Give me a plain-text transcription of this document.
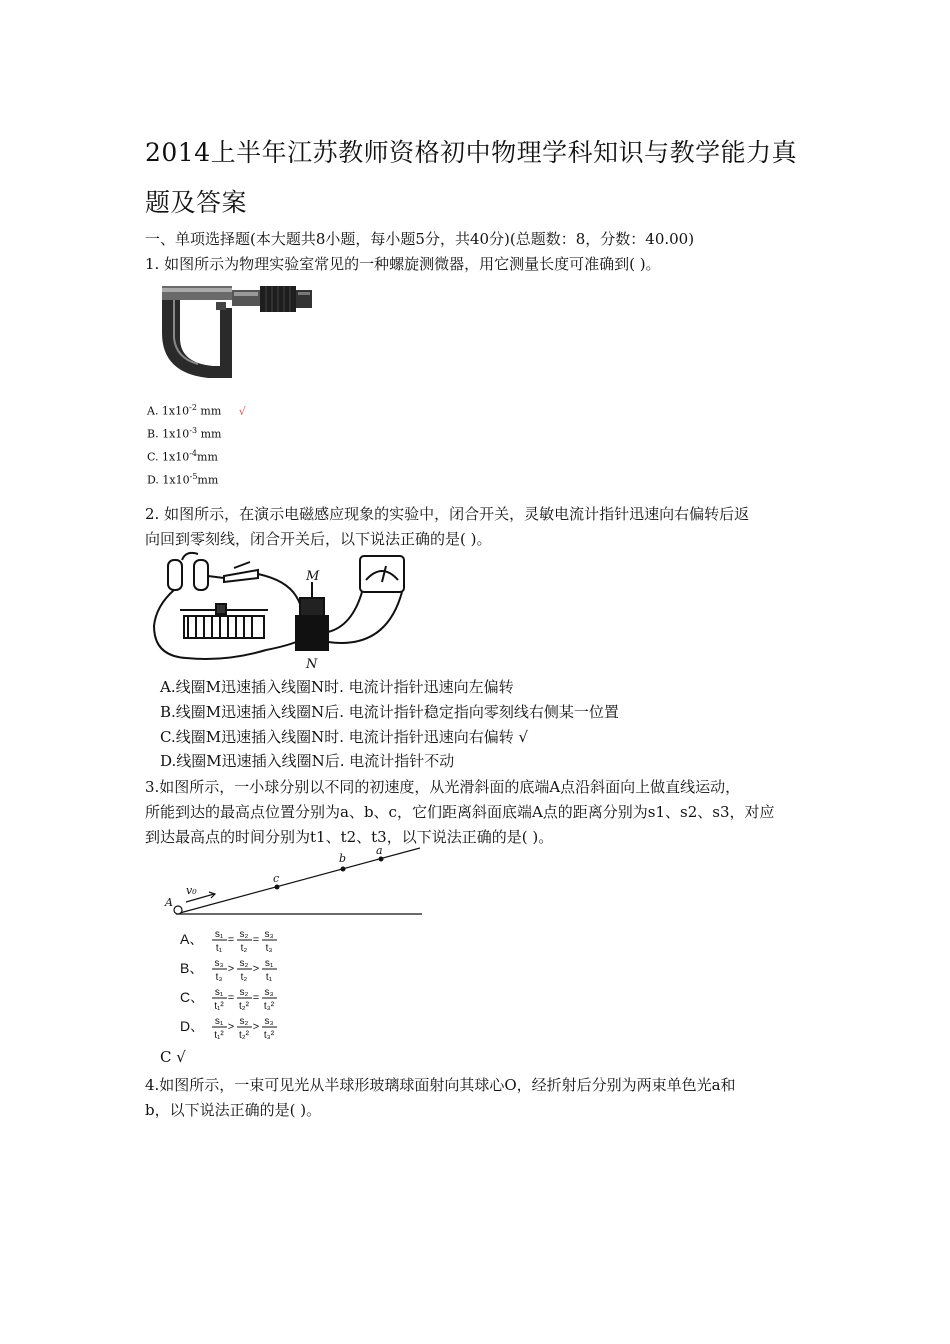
2014上半年江苏教师资格初中物理学科知识与教学能力真
题及答案
一、单项选择题(本大题共8小题，每小题5分，共40分)(总题数：8，分数：40.00)
1. 如图所示为物理实验室常见的一种螺旋测微器，用它测量长度可准确到( )。
A. $1x10^{-2}$ mm √
B. $1x10^{-3}$ mm
C. $1x10^{-4}mm$
D. $1x10^{-5}mm$
2. 如图所示，在演示电磁感应现象的实验中，闭合开关，灵敏电流计指针迅速向右偏转后返
向回到零刻线，闭合开关后，以下说法正确的是( )。
M
N
A.线圈M迅速插入线圈N时. 电流计指针迅速向左偏转
B.线圈M迅速插入线圈N后. 电流计指针稳定指向零刻线右侧某一位置
C.线圈M迅速插入线圈N时. 电流计指针迅速向右偏转 √
D.线圈M迅速插入线圈N后. 电流计指针不动
3.如图所示，一小球分别以不同的初速度，从光滑斜面的底端A点沿斜面向上做直线运动，
所能到达的最高点位置分别为a、b、c，它们距离斜面底端A点的距离分别为s1、s2、s3，对应
到达最高点的时间分别为t1、t2、t3，以下说法正确的是( )。
A
v₀
c
b
a
A、 s₁
t₁
s₂
t₂
s₃
t₃
= =
B、 s₃
t₃
s₂
t₂
s₁
t₁
> >
C、 s₁
t₁²
s₂
t₂²
s₃
t₃²
= =
D、 s₁
t₁²
s₂
t₂²
s₃
t₃²
> >
C √
4.如图所示，一束可见光从半球形玻璃球面射向其球心O，经折射后分别为两束单色光a和
b，以下说法正确的是( )。
